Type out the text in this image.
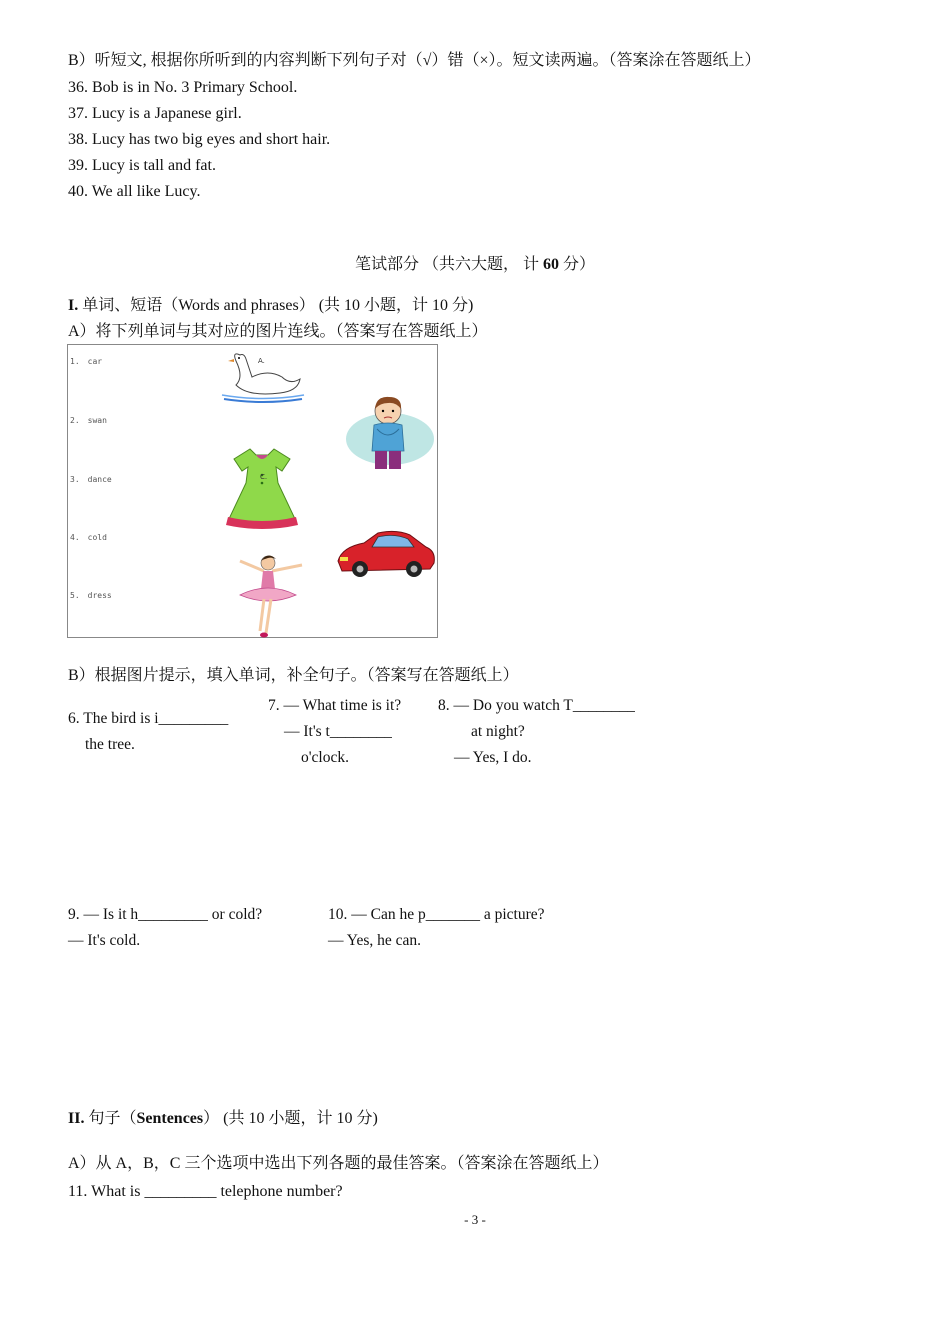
B）听短文, 根据你所听到的内容判断下列句子对（√）错（×）。短文读两遍。（答案涂在答题纸上）
36. Bob is in No. 3 Primary School.
37. Lucy is a Japanese girl.
38. Lucy has two big eyes and short hair.
39. Lucy is tall and fat.
40. We all like Lucy.
笔试部分 （共六大题， 计 60 分）
I. 单词、短语（Words and phrases） (共 10 小题，计 10 分)
A）将下列单词与其对应的图片连线。（答案写在答题纸上）
1. car
2. swan
3. dance
4. cold
5. dress
A.
C.
B）根据图片提示，填入单词，补全句子。（答案写在答题纸上）
6. The bird is i_________
the tree.
7. — What time is it?
— It's t________
o'clock.
8. — Do you watch T________
at night?
— Yes, I do.
9. — Is it h_________ or cold?
— It's cold.
10. — Can he p_______ a picture?
— Yes, he can.
II. 句子（Sentences） (共 10 小题，计 10 分)
A）从 A，B，C 三个选项中选出下列各题的最佳答案。（答案涂在答题纸上）
11. What is _________ telephone number?
- 3 -
